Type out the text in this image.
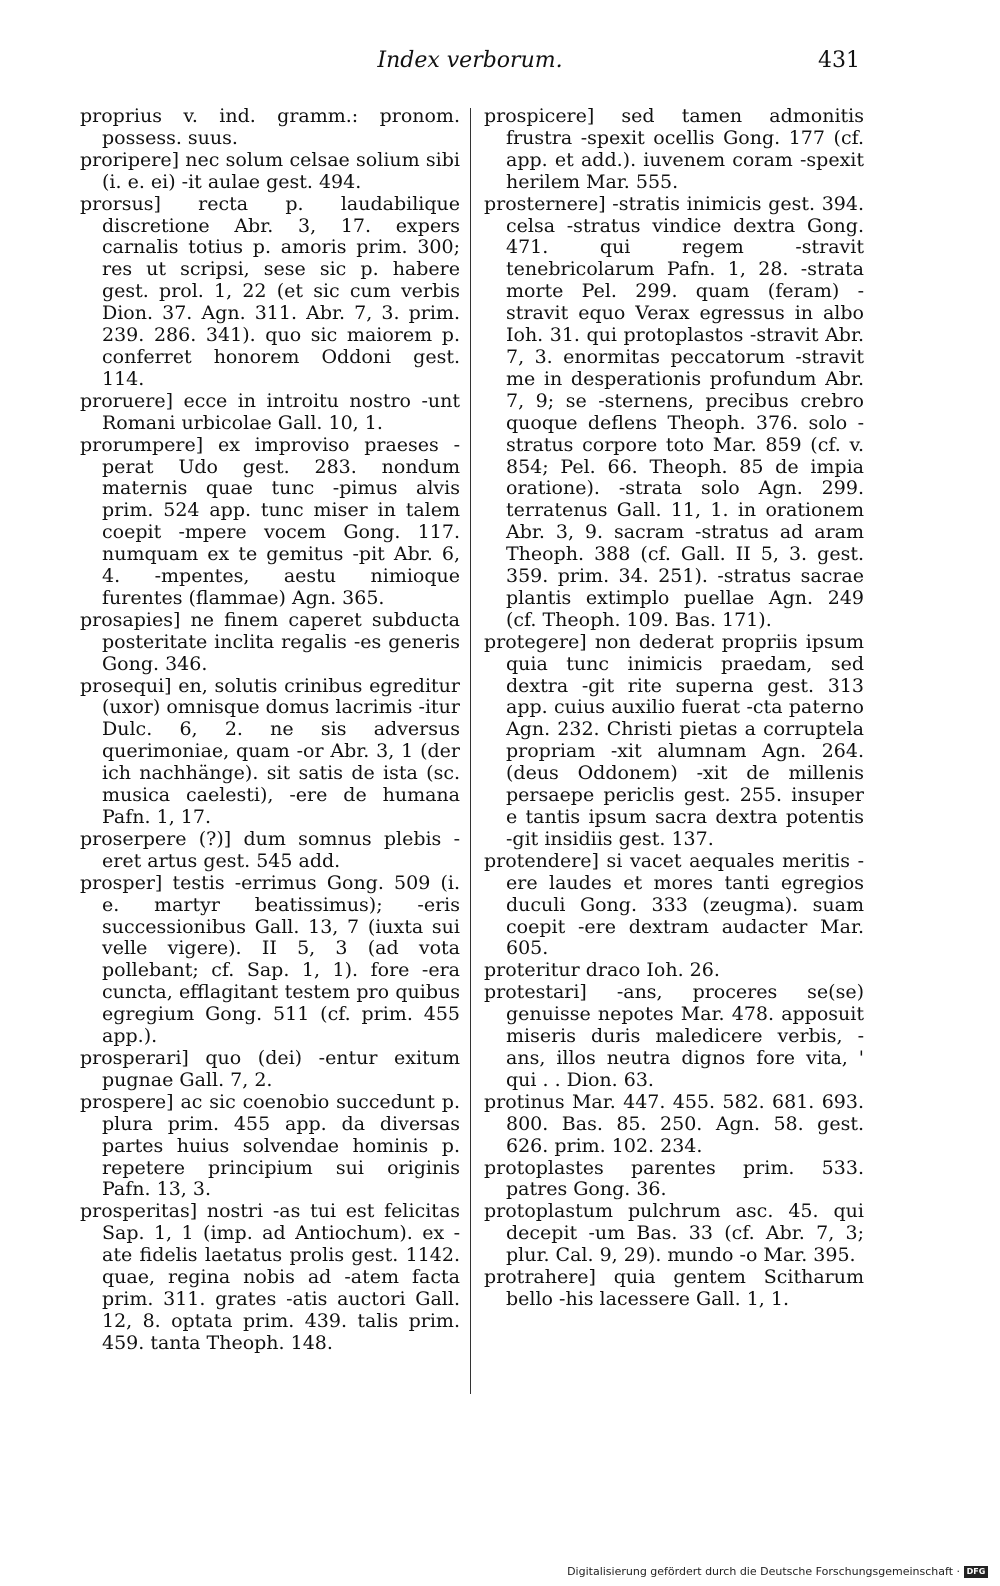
Index verborum.	431

proprius v. ind. gramm.: pronom. possess. suus.

proripere] nec solum celsae solium sibi (i. e. ei) -it aulae gest. 494.

prorsus] recta p. laudabilique discretione Abr. 3, 17. expers carnalis totius p. amoris prim. 300; res ut scripsi, sese sic p. habere gest. prol. 1, 22 (et sic cum verbis Dion. 37. Agn. 311. Abr. 7, 3. prim. 239. 286. 341). quo sic maiorem p. conferret honorem Oddoni gest. 114.

proruere] ecce in introitu nostro -unt Romani urbicolae Gall. 10, 1.

prorumpere] ex improviso praeses -perat Udo gest. 283. nondum maternis quae tunc -pimus alvis prim. 524 app. tunc miser in talem coepit -mpere vocem Gong. 117. numquam ex te gemitus -pit Abr. 6, 4. -mpentes, aestu nimioque furentes (flammae) Agn. 365.

prosapies] ne finem caperet subducta posteritate inclita regalis -es generis Gong. 346.

prosequi] en, solutis crinibus egreditur (uxor) omnisque domus lacrimis -itur Dulc. 6, 2. ne sis adversus querimoniae, quam -or Abr. 3, 1 (der ich nachhänge). sit satis de ista (sc. musica caelesti), -ere de humana Pafn. 1, 17.

proserpere (?)] dum somnus plebis -eret artus gest. 545 add.

prosper] testis -errimus Gong. 509 (i. e. martyr beatissimus); -eris successionibus Gall. 13, 7 (iuxta sui velle vigere). II 5, 3 (ad vota pollebant; cf. Sap. 1, 1). fore -era cuncta, efflagitant testem pro quibus egregium Gong. 511 (cf. prim. 455 app.).

prosperari] quo (dei) -entur exitum pugnae Gall. 7, 2.

prospere] ac sic coenobio succedunt p. plura prim. 455 app. da diversas partes huius solvendae hominis p. repetere principium sui originis Pafn. 13, 3.

prosperitas] nostri -as tui est felicitas Sap. 1, 1 (imp. ad Antiochum). ex -ate fidelis laetatus prolis gest. 1142. quae, regina nobis ad -atem facta prim. 311. grates -atis auctori Gall. 12, 8. optata prim. 439. talis prim. 459. tanta Theoph. 148.

prospicere] sed tamen admonitis frustra -spexit ocellis Gong. 177 (cf. app. et add.). iuvenem coram -spexit herilem Mar. 555.

prosternere] -stratis inimicis gest. 394. celsa -stratus vindice dextra Gong. 471. qui regem -stravit tenebricolarum Pafn. 1, 28. -strata morte Pel. 299. quam (feram) -stravit equo Verax egressus in albo Ioh. 31. qui protoplastos -stravit Abr. 7, 3. enormitas peccatorum -stravit me in desperationis profundum Abr. 7, 9; se -sternens, precibus crebro quoque deflens Theoph. 376. solo -stratus corpore toto Mar. 859 (cf. v. 854; Pel. 66. Theoph. 85 de impia oratione). -strata solo Agn. 299. terratenus Gall. 11, 1. in orationem Abr. 3, 9. sacram -stratus ad aram Theoph. 388 (cf. Gall. II 5, 3. gest. 359. prim. 34. 251). -stratus sacrae plantis extimplo puellae Agn. 249 (cf. Theoph. 109. Bas. 171).

protegere] non dederat propriis ipsum quia tunc inimicis praedam, sed dextra -git rite superna gest. 313 app. cuius auxilio fuerat -cta paterno Agn. 232. Christi pietas a corruptela propriam -xit alumnam Agn. 264. (deus Oddonem) -xit de millenis persaepe periclis gest. 255. insuper e tantis ipsum sacra dextra potentis -git insidiis gest. 137.

protendere] si vacet aequales meritis -ere laudes et mores tanti egregios duculi Gong. 333 (zeugma). suam coepit -ere dextram audacter Mar. 605.

proteritur draco Ioh. 26.

protestari] -ans, proceres se(se) genuisse nepotes Mar. 478. apposuit miseris duris maledicere verbis, -ans, illos neutra dignos fore vita, ' qui . . Dion. 63.

protinus Mar. 447. 455. 582. 681. 693. 800. Bas. 85. 250. Agn. 58. gest. 626. prim. 102. 234.

protoplastes parentes prim. 533. patres Gong. 36.

protoplastum pulchrum asc. 45. qui decepit -um Bas. 33 (cf. Abr. 7, 3; plur. Cal. 9, 29). mundo -o Mar. 395.

protrahere] quia gentem Scitharum bello -his lacessere Gall. 1, 1.

Digitalisierung gefördert durch die Deutsche Forschungsgemeinschaft · DFG
